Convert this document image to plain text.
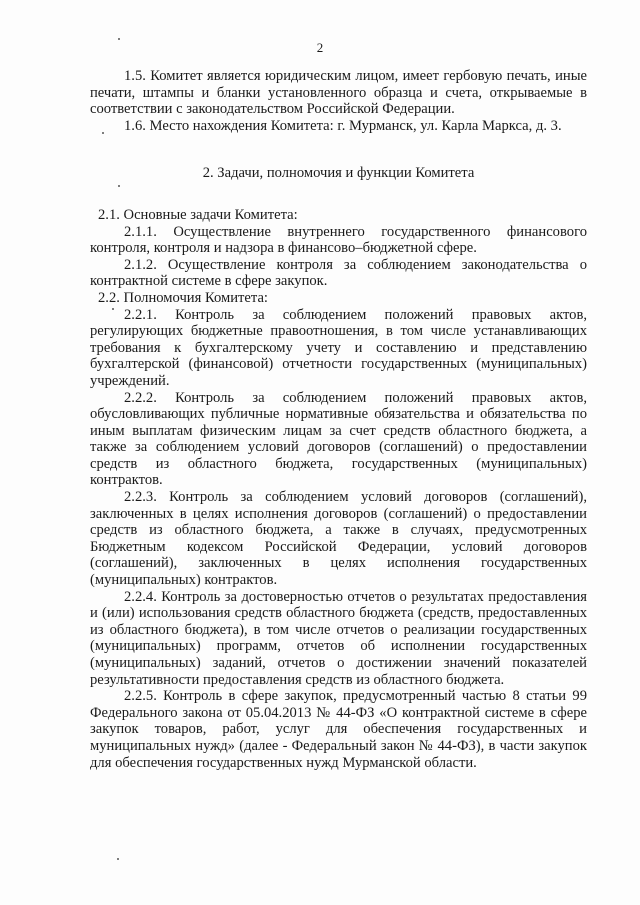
2

1.5. Комитет является юридическим лицом, имеет гербовую печать, иные печати, штампы и бланки установленного образца и счета, открываемые в соответствии с законодательством Российской Федерации.

1.6. Место нахождения Комитета: г. Мурманск, ул. Карла Маркса, д. 3.

2. Задачи, полномочия и функции Комитета

2.1. Основные задачи Комитета:

2.1.1. Осуществление внутреннего государственного финансового контроля, контроля и надзора в финансово–бюджетной сфере.

2.1.2. Осуществление контроля за соблюдением законодательства о контрактной системе в сфере закупок.

2.2. Полномочия Комитета:

2.2.1. Контроль за соблюдением положений правовых актов, регулирующих бюджетные правоотношения, в том числе устанавливающих требования к бухгалтерскому учету и составлению и представлению бухгалтерской (финансовой) отчетности государственных (муниципальных) учреждений.

2.2.2. Контроль за соблюдением положений правовых актов, обусловливающих публичные нормативные обязательства и обязательства по иным выплатам физическим лицам за счет средств областного бюджета, а также за соблюдением условий договоров (соглашений) о предоставлении средств из областного бюджета, государственных (муниципальных) контрактов.

2.2.3. Контроль за соблюдением условий договоров (соглашений), заключенных в целях исполнения договоров (соглашений) о предоставлении средств из областного бюджета, а также в случаях, предусмотренных Бюджетным кодексом Российской Федерации, условий договоров (соглашений), заключенных в целях исполнения государственных (муниципальных) контрактов.

2.2.4. Контроль за достоверностью отчетов о результатах предоставления и (или) использования средств областного бюджета (средств, предоставленных из областного бюджета), в том числе отчетов о реализации государственных (муниципальных) программ, отчетов об исполнении государственных (муниципальных) заданий, отчетов о достижении значений показателей результативности предоставления средств из областного бюджета.

2.2.5. Контроль в сфере закупок, предусмотренный частью 8 статьи 99 Федерального закона от 05.04.2013 № 44-ФЗ «О контрактной системе в сфере закупок товаров, работ, услуг для обеспечения государственных и муниципальных нужд» (далее - Федеральный закон № 44-ФЗ), в части закупок для обеспечения государственных нужд Мурманской области.
